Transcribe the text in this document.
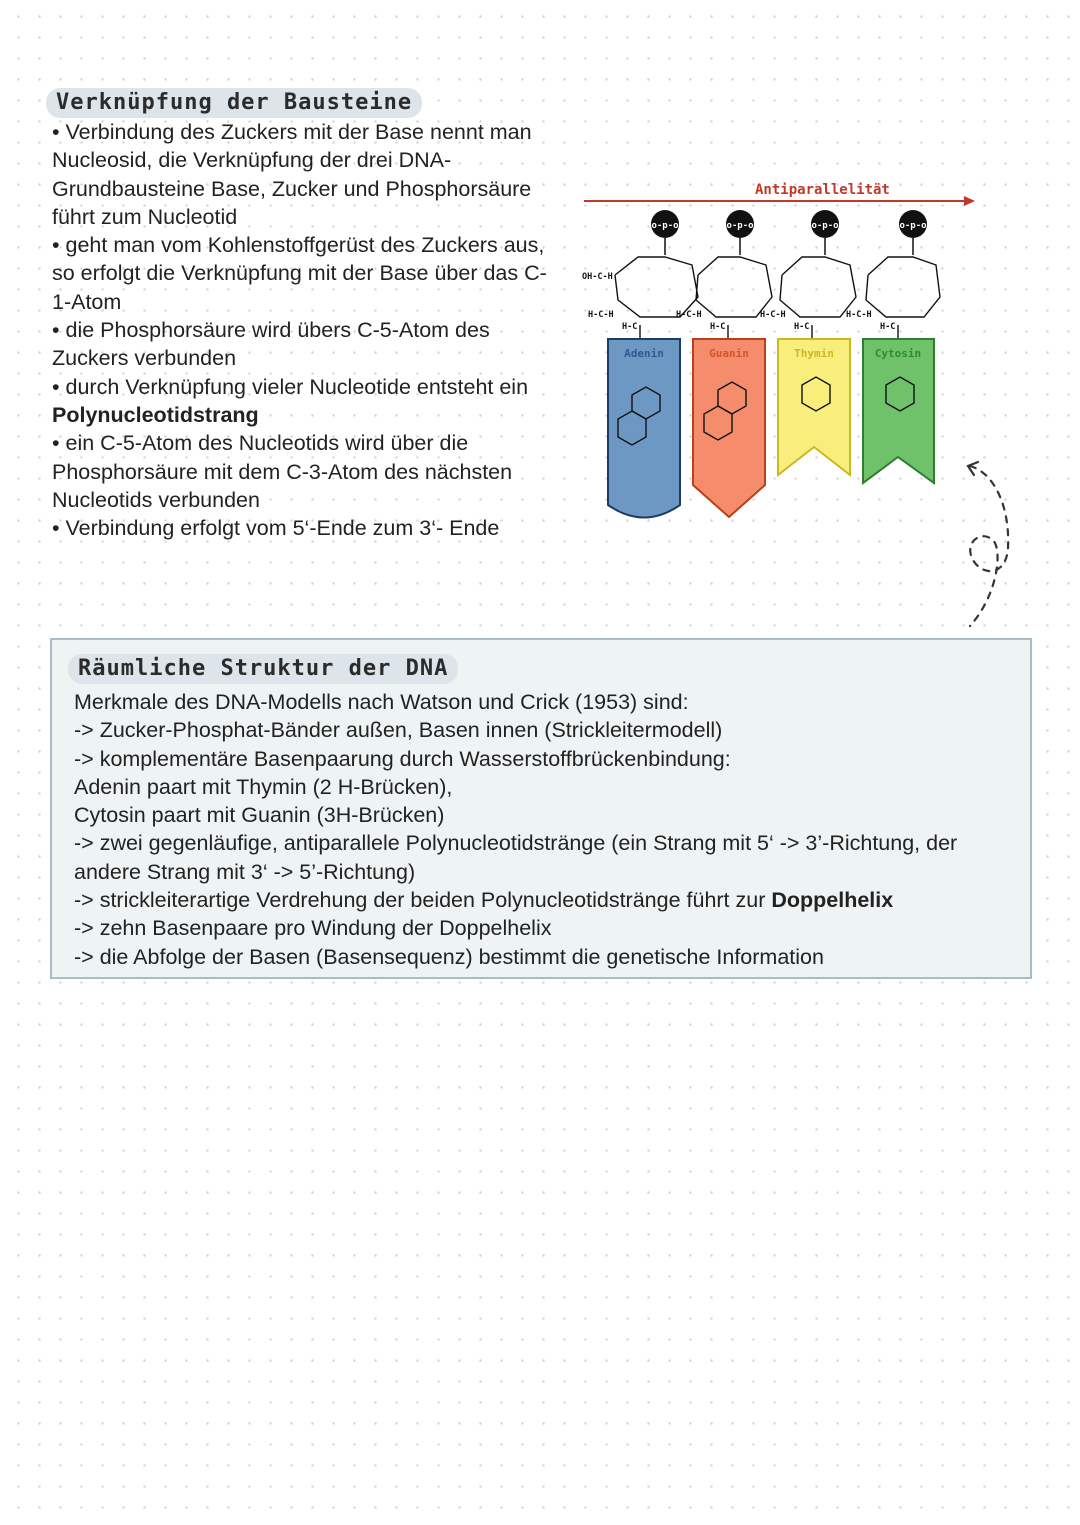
Verknüpfung der Bausteine

• Verbindung des Zuckers mit der Base nennt man Nucleosid, die Verknüpfung der drei DNA-Grundbausteine Base, Zucker und Phosphorsäure führt zum Nucleotid

• geht man vom Kohlenstoffgerüst des Zuckers aus, so erfolgt die Verknüpfung mit der Base über das C-1-Atom

• die Phosphorsäure wird übers C-5-Atom des Zuckers verbunden

• durch Verknüpfung vieler Nucleotide entsteht ein Polynucleotidstrang

• ein C-5-Atom des Nucleotids wird über die Phosphorsäure mit dem C-3-Atom des nächsten Nucleotids verbunden

• Verbindung erfolgt vom 5‘-Ende zum 3‘- Ende

Antiparallelität
o-p-o
OH-C-H
H-C-H
H-C
Adenin
o-p-o
H-C-H
H-C
Guanin
o-p-o
H-C-H
H-C
Thymin
o-p-o
H-C-H
H-C
Cytosin
Räumliche Struktur der DNA

Merkmale des DNA-Modells nach Watson und Crick (1953) sind:

-> Zucker-Phosphat-Bänder außen, Basen innen (Strickleitermodell)

-> komplementäre Basenpaarung durch Wasserstoffbrückenbindung:

Adenin paart mit Thymin (2 H-Brücken),

Cytosin paart mit Guanin (3H-Brücken)

-> zwei gegenläufige, antiparallele Polynucleotidstränge (ein Strang mit 5‘ -> 3’-Richtung, der andere Strang mit 3‘ -> 5’-Richtung)

-> strickleiterartige Verdrehung der beiden Polynucleotidstränge führt zur Doppelhelix

-> zehn Basenpaare pro Windung der Doppelhelix

-> die Abfolge der Basen (Basensequenz) bestimmt die genetische Information
